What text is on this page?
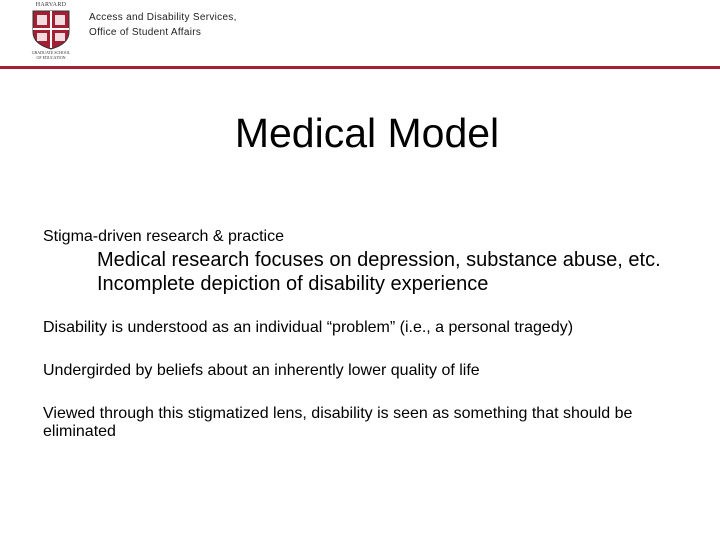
HARVARD
GRADUATE SCHOOL
OF EDUCATION
Access and Disability Services,
Office of Student Affairs
Medical Model

Stigma-driven research & practice

Medical research focuses on depression, substance abuse, etc.

Incomplete depiction of disability experience

Disability is understood as an individual “problem” (i.e., a personal tragedy)

Undergirded by beliefs about an inherently lower quality of life

Viewed through this stigmatized lens, disability is seen as something that should be eliminated
